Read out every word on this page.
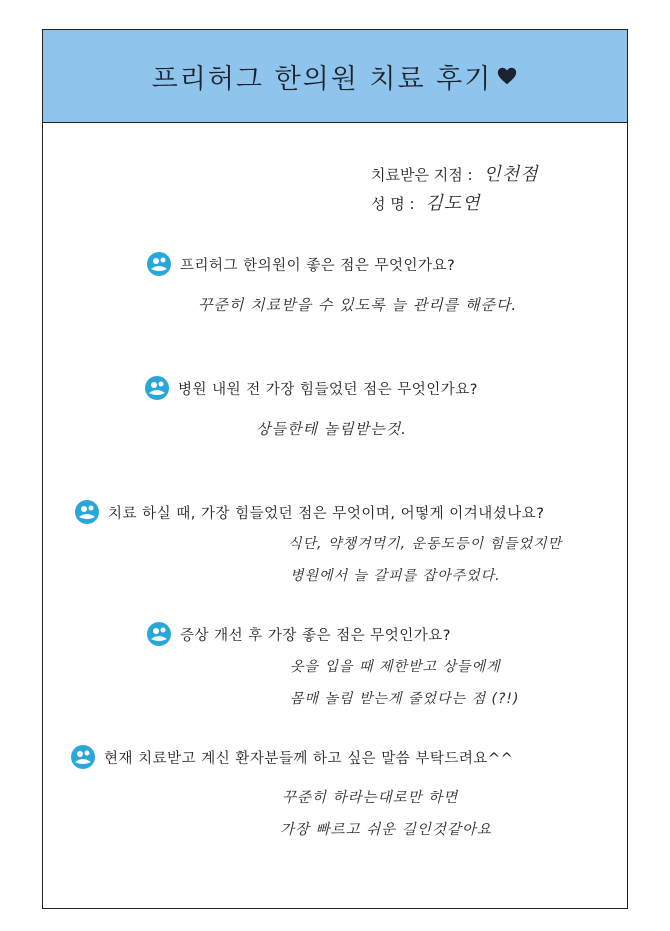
프리허그 한의원 치료 후기
치료받은 지점 : 인천점
성 명 : 김도연
프리허그 한의원이 좋은 점은 무엇인가요?
꾸준히 치료받을 수 있도록 늘 관리를 해준다.
병원 내원 전 가장 힘들었던 점은 무엇인가요?
상들한테 놀림받는것.
치료 하실 때, 가장 힘들었던 점은 무엇이며, 어떻게 이겨내셨나요?
식단, 약챙겨먹기, 운동도등이 힘들었지만
병원에서 늘 갈피를 잡아주었다.
증상 개선 후 가장 좋은 점은 무엇인가요?
옷을 입을 때 제한받고 상들에게
몸매 놀림 받는게 줄었다는 점 (?!)
현재 치료받고 계신 환자분들께 하고 싶은 말씀 부탁드려요^^
꾸준히 하라는대로만 하면
가장 빠르고 쉬운 길인것같아요
